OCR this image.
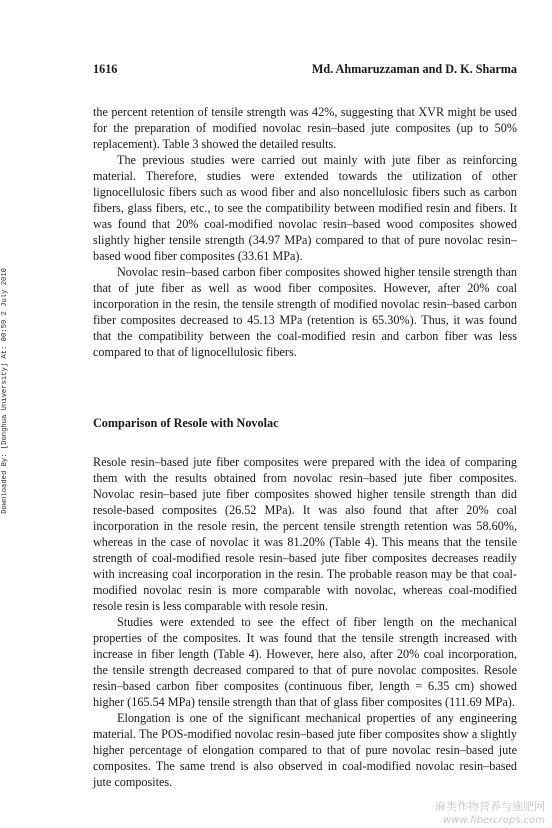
1616	Md. Ahmaruzzaman and D. K. Sharma
Downloaded By: [Donghua University] At: 00:59 2 July 2010

the percent retention of tensile strength was 42%, suggesting that XVR might be used for the preparation of modified novolac resin–based jute composites (up to 50% replacement). Table 3 showed the detailed results.

The previous studies were carried out mainly with jute fiber as reinforcing material. Therefore, studies were extended towards the utilization of other lignocellulosic fibers such as wood fiber and also noncellulosic fibers such as carbon fibers, glass fibers, etc., to see the compatibility between modified resin and fibers. It was found that 20% coal-modified novolac resin–based wood composites showed slightly higher tensile strength (34.97 MPa) compared to that of pure novolac resin–based wood fiber composites (33.61 MPa).

Novolac resin–based carbon fiber composites showed higher tensile strength than that of jute fiber as well as wood fiber composites. However, after 20% coal incorporation in the resin, the tensile strength of modified novolac resin–based carbon fiber composites decreased to 45.13 MPa (retention is 65.30%). Thus, it was found that the compatibility between the coal-modified resin and carbon fiber was less compared to that of lignocellulosic fibers.

Comparison of Resole with Novolac

Resole resin–based jute fiber composites were prepared with the idea of comparing them with the results obtained from novolac resin–based jute fiber composites. Novolac resin–based jute fiber composites showed higher tensile strength than did resole-based composites (26.52 MPa). It was also found that after 20% coal incorporation in the resole resin, the percent tensile strength retention was 58.60%, whereas in the case of novolac it was 81.20% (Table 4). This means that the tensile strength of coal-modified resole resin–based jute fiber composites decreases readily with increasing coal incorporation in the resin. The probable reason may be that coal-modified novolac resin is more comparable with novolac, whereas coal-modified resole resin is less comparable with resole resin.

Studies were extended to see the effect of fiber length on the mechanical properties of the composites. It was found that the tensile strength increased with increase in fiber length (Table 4). However, here also, after 20% coal incorporation, the tensile strength decreased compared to that of pure novolac composites. Resole resin–based carbon fiber composites (continuous fiber, length = 6.35 cm) showed higher (165.54 MPa) tensile strength than that of glass fiber composites (111.69 MPa).

Elongation is one of the significant mechanical properties of any engineering material. The POS-modified novolac resin–based jute fiber composites show a slightly higher percentage of elongation compared to that of pure novolac resin–based jute composites. The same trend is also observed in coal-modified novolac resin–based jute composites.

麻类作物营养与施肥网
www.fibercrops.com
